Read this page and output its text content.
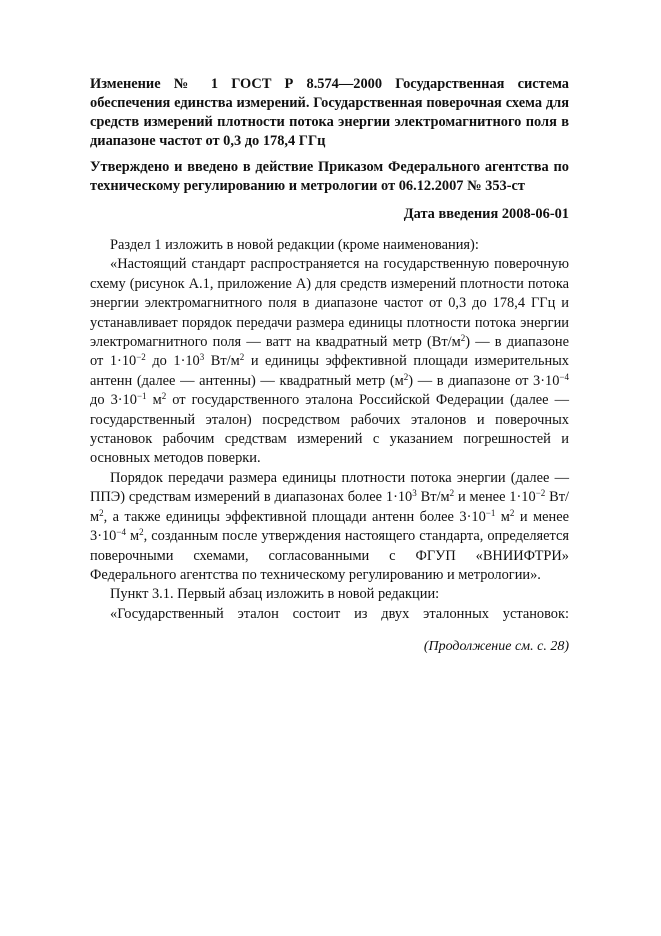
Изменение № 1 ГОСТ Р 8.574—2000 Государственная система обеспечения единства измерений. Государственная поверочная схема для средств измерений плотности потока энергии электромагнитного поля в диапазоне частот от 0,3 до 178,4 ГГц
Утверждено и введено в действие Приказом Федерального агентства по техническому регулированию и метрологии от 06.12.2007 № 353-ст
Дата введения 2008-06-01

Раздел 1 изложить в новой редакции (кроме наименования):

«Настоящий стандарт распространяется на государственную поверочную схему (рисунок А.1, приложение А) для средств измерений плотности потока энергии электромагнитного поля в диапазоне частот от 0,3 до 178,4 ГГц и устанавливает порядок передачи размера единицы плотности потока энергии электромагнитного поля — ватт на квадратный метр $(Вт/м^2)$ — в диапазоне от $1\cdot 10^{-2}$ до $1\cdot 10^3$ $Вт/м^2$ и единицы эффективной площади измерительных антенн (далее — антенны) — квадратный метр $(м^2)$ — в диапазоне от $3\cdot 10^{-4}$ до $3\cdot 10^{-1}$ $м^2$ от государственного эталона Российской Федерации (далее — государственный эталон) посредством рабочих эталонов и поверочных установок рабочим средствам измерений с указанием погрешностей и основных методов поверки.

Порядок передачи размера единицы плотности потока энергии (далее — ППЭ) средствам измерений в диапазонах более $1\cdot 10^3$ $Вт/м^2$ и менее $1\cdot 10^{-2}$ $Вт/м^2$, а также единицы эффективной площади антенн более $3\cdot 10^{-1}$ $м^2$ и менее $3\cdot 10^{-4}$ $м^2$, созданным после утверждения настоящего стандарта, определяется поверочными схемами, согласованными с ФГУП «ВНИИФТРИ» Федерального агентства по техническому регулированию и метрологии».

Пункт 3.1. Первый абзац изложить в новой редакции:

«Государственный эталон состоит из двух эталонных установок:

(Продолжение см. с. 28)
